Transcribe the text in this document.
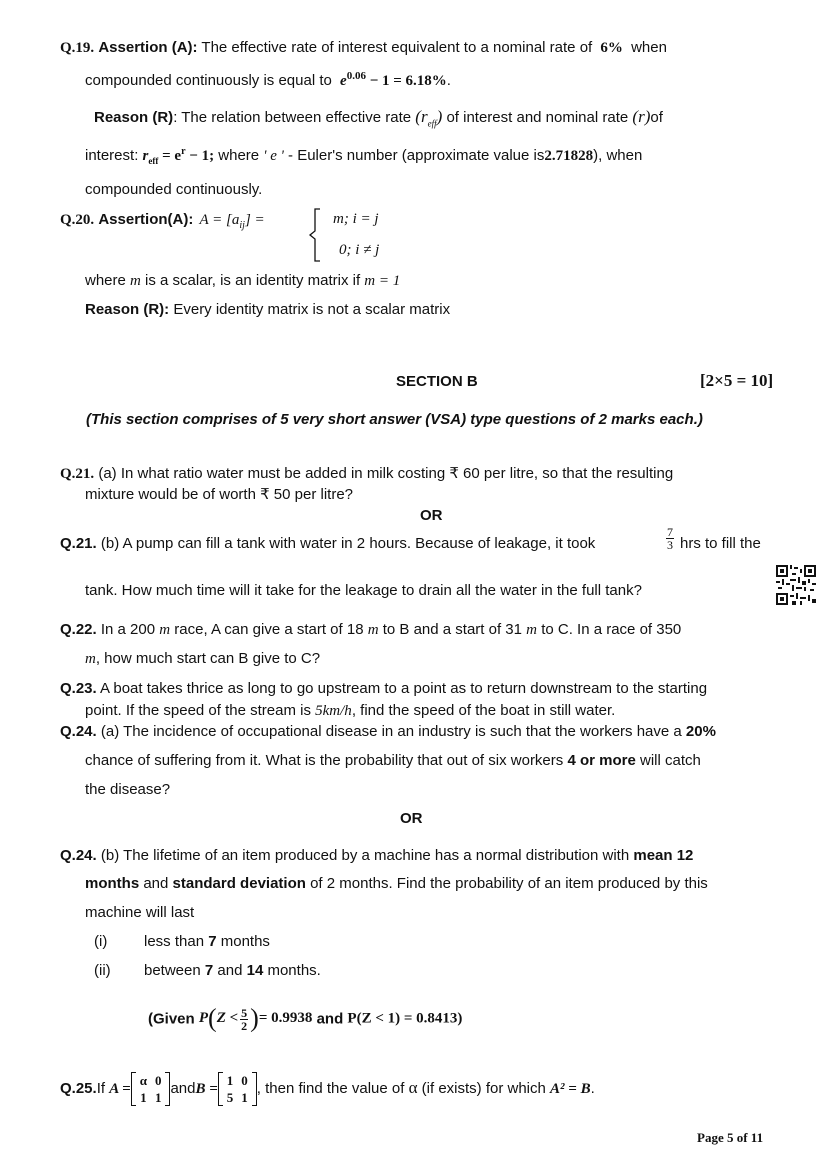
Q.19. Assertion (A): The effective rate of interest equivalent to a nominal rate of 6% when
compounded continuously is equal to $e^{0.06} - 1 = 6.18\%$.
Reason (R): The relation between effective rate $(r_{eff})$ of interest and nominal rate (r)of
interest: $r_{eff} = e^r - 1$; where ' e ' - Euler's number (approximate value is2.71828), when
compounded continuously.
Q.20. Assertion(A): $A = [a_{ij}]$ =	m; i = j
0; i ≠ j
where m is a scalar, is an identity matrix if m = 1
Reason (R): Every identity matrix is not a scalar matrix
SECTION B	[2×5 = 10]
(This section comprises of 5 very short answer (VSA) type questions of 2 marks each.)
Q.21. (a) In what ratio water must be added in milk costing ₹ 60 per litre, so that the resulting
mixture would be of worth ₹ 50 per litre?
OR
Q.21. (b) A pump can fill a tank with water in 2 hours. Because of leakage, it took	$\frac{7}{3}$ hrs to fill the
tank. How much time will it take for the leakage to drain all the water in the full tank?
Q.22. In a 200 m race, A can give a start of 18 m to B and a start of 31 m to C. In a race of 350
m, how much start can B give to C?
Q.23. A boat takes thrice as long to go upstream to a point as to return downstream to the starting
point. If the speed of the stream is 5km/h, find the speed of the boat in still water.
Q.24. (a) The incidence of occupational disease in an industry is such that the workers have a 20%
chance of suffering from it. What is the probability that out of six workers 4 or more will catch
the disease?
OR
Q.24. (b) The lifetime of an item produced by a machine has a normal distribution with mean 12
months and standard deviation of 2 months. Find the probability of an item produced by this
machine will last
(i) less than 7 months
(ii) between 7 and 14 months.
(Given $P(Z < \frac{5}{2}$ )= 0.9938 and P(Z < 1) = 0.8413)
Q.25.If A =
α	0
1	1
andB =
1	0
5	1
, then find the value of α (if exists) for which A² = B.
Page 5 of 11
